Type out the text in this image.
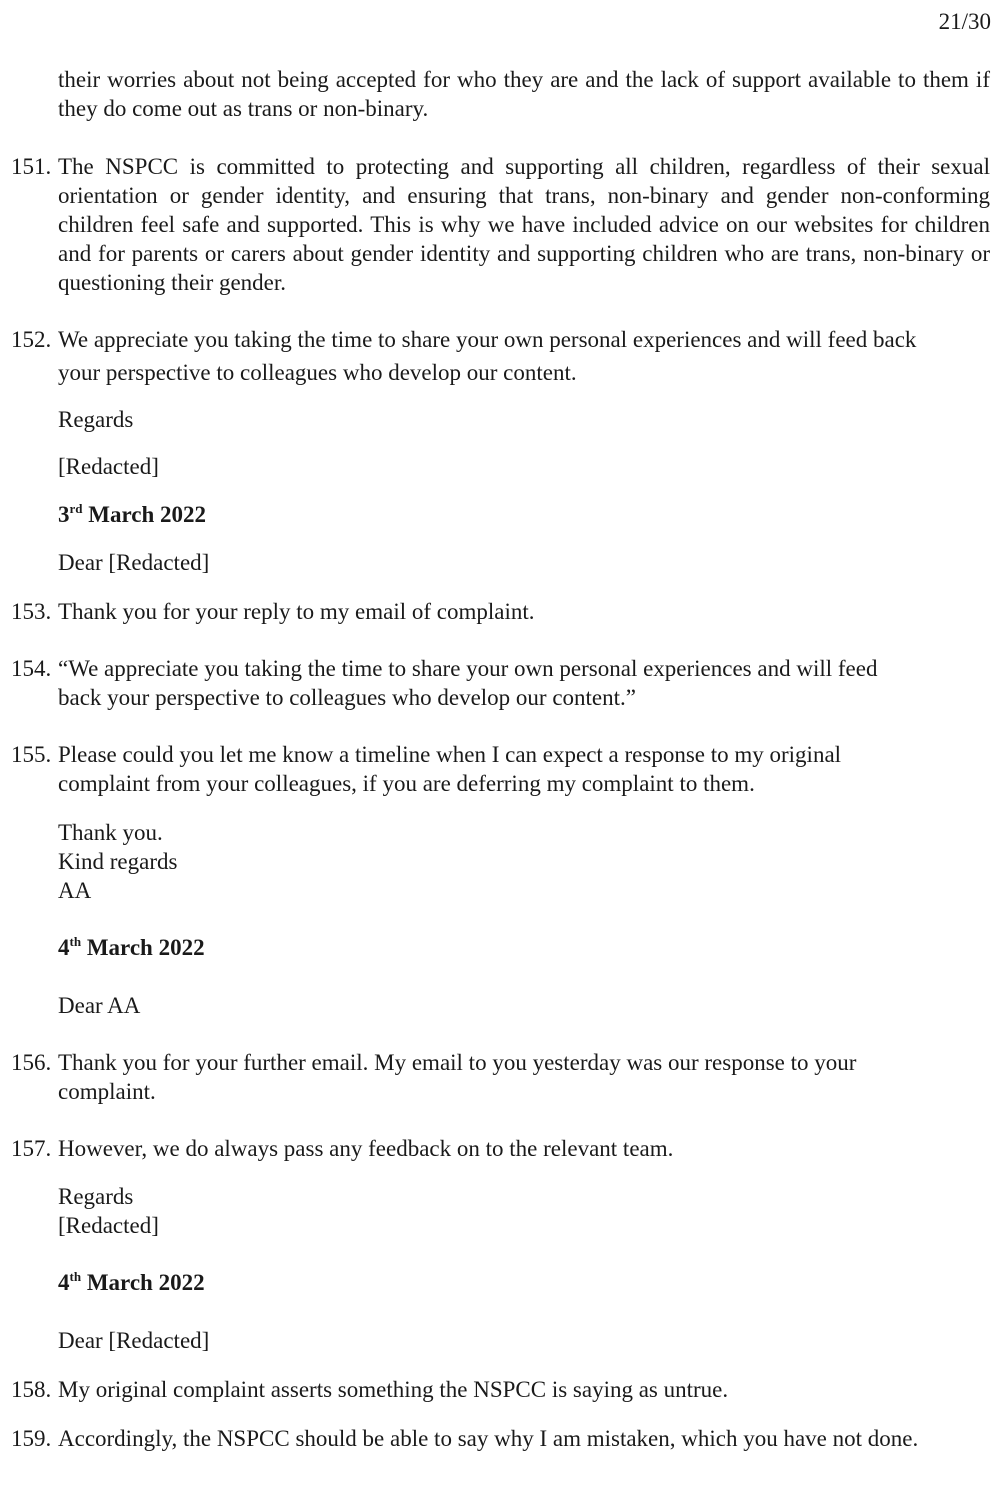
21/30

their worries about not being accepted for who they are and the lack of support available to them if they do come out as trans or non-binary.

151. The NSPCC is committed to protecting and supporting all children, regardless of their sexual orientation or gender identity, and ensuring that trans, non-binary and gender non-conforming children feel safe and supported. This is why we have included advice on our websites for children and for parents or carers about gender identity and supporting children who are trans, non-binary or questioning their gender.
152. We appreciate you taking the time to share your own personal experiences and will feed back
your perspective to colleagues who develop our content.
Regards
[Redacted]
3rd March 2022
Dear [Redacted]
153. Thank you for your reply to my email of complaint.
154. “We appreciate you taking the time to share your own personal experiences and will feed
back your perspective to colleagues who develop our content.”
155. Please could you let me know a timeline when I can expect a response to my original
complaint from your colleagues, if you are deferring my complaint to them.
Thank you.
Kind regards
AA
4th March 2022
Dear AA
156. Thank you for your further email. My email to you yesterday was our response to your
complaint.
157. However, we do always pass any feedback on to the relevant team.
Regards
[Redacted]
4th March 2022
Dear [Redacted]
158. My original complaint asserts something the NSPCC is saying as untrue.
159. Accordingly, the NSPCC should be able to say why I am mistaken, which you have not done.
